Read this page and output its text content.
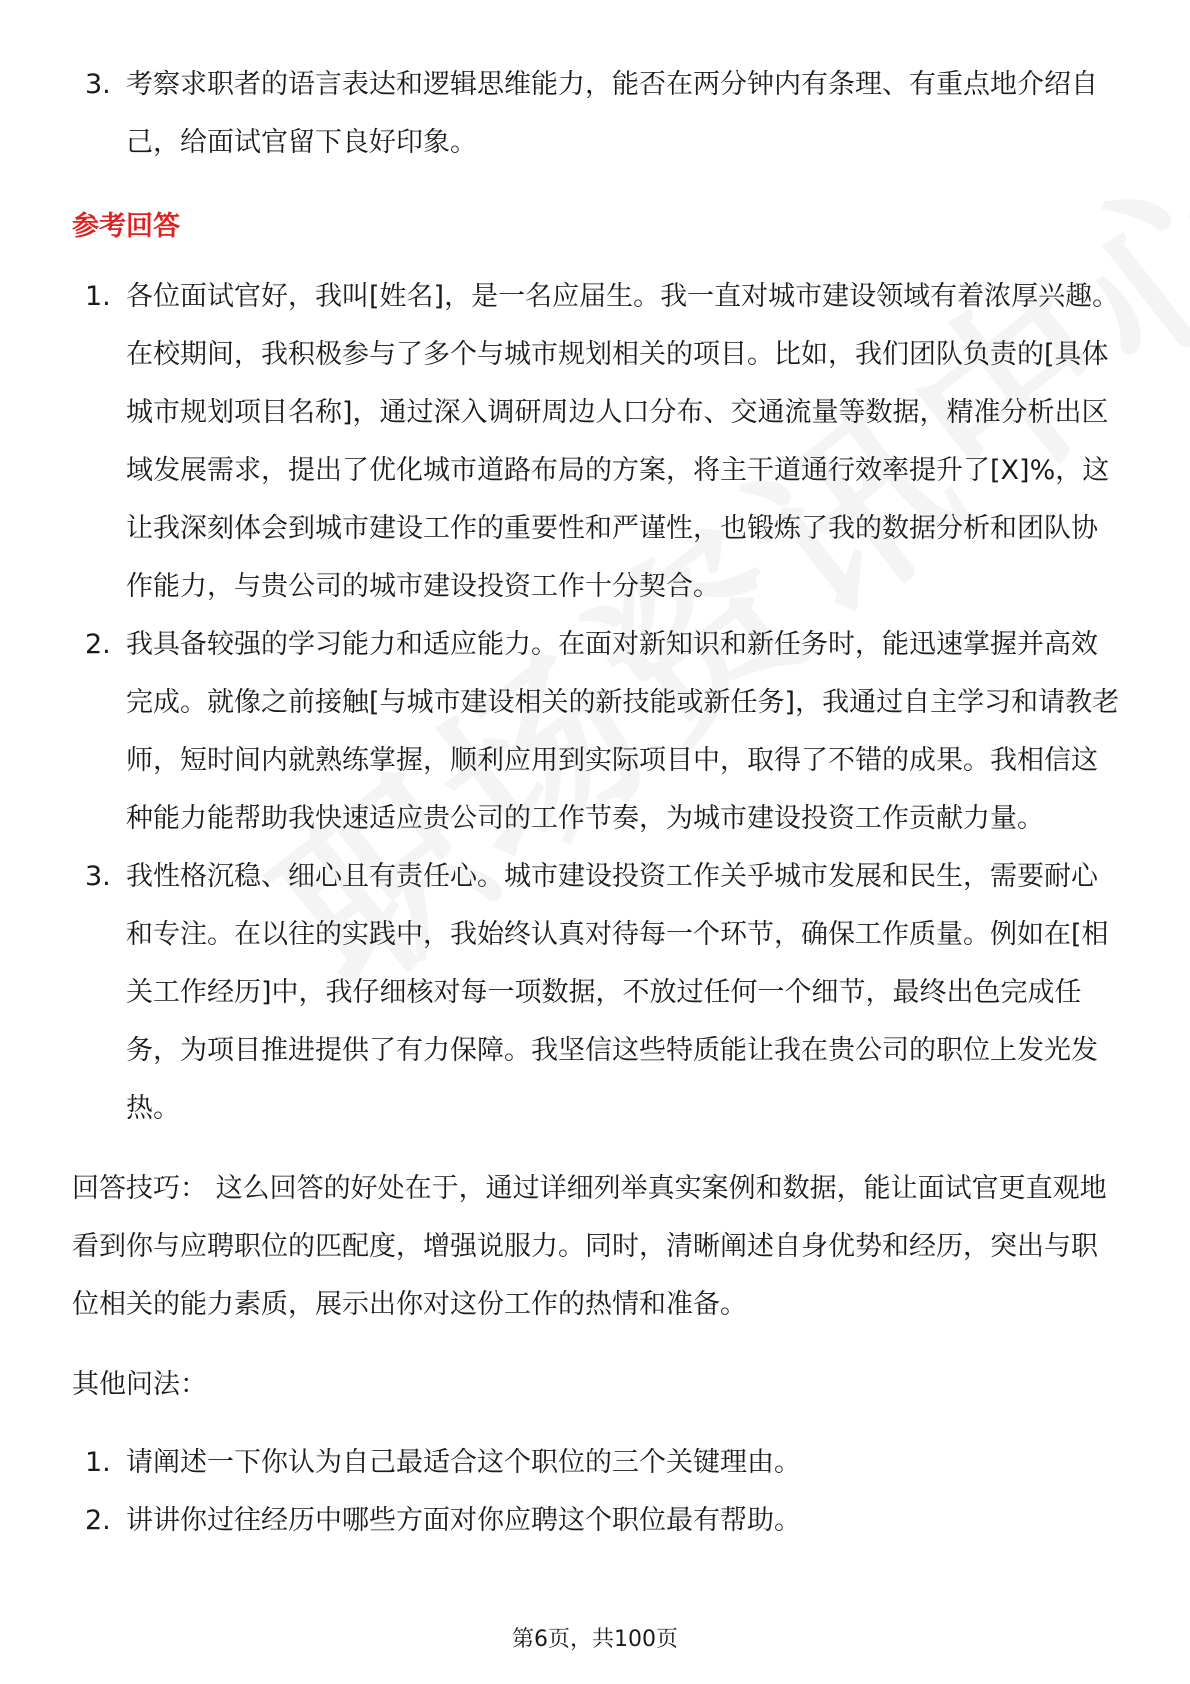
3. 考察求职者的语言表达和逻辑思维能力，能否在两分钟内有条理、有重点地介绍自己，给面试官留下良好印象。
参考回答
1. 各位面试官好，我叫[姓名]，是一名应届生。我一直对城市建设领域有着浓厚兴趣。在校期间，我积极参与了多个与城市规划相关的项目。比如，我们团队负责的[具体城市规划项目名称]，通过深入调研周边人口分布、交通流量等数据，精准分析出区域发展需求，提出了优化城市道路布局的方案，将主干道通行效率提升了[X]%，这让我深刻体会到城市建设工作的重要性和严谨性，也锻炼了我的数据分析和团队协作能力，与贵公司的城市建设投资工作十分契合。
2. 我具备较强的学习能力和适应能力。在面对新知识和新任务时，能迅速掌握并高效完成。就像之前接触[与城市建设相关的新技能或新任务]，我通过自主学习和请教老师，短时间内就熟练掌握，顺利应用到实际项目中，取得了不错的成果。我相信这种能力能帮助我快速适应贵公司的工作节奏，为城市建设投资工作贡献力量。
3. 我性格沉稳、细心且有责任心。城市建设投资工作关乎城市发展和民生，需要耐心和专注。在以往的实践中，我始终认真对待每一个环节，确保工作质量。例如在[相关工作经历]中，我仔细核对每一项数据，不放过任何一个细节，最终出色完成任务，为项目推进提供了有力保障。我坚信这些特质能让我在贵公司的职位上发光发热。
回答技巧： 这么回答的好处在于，通过详细列举真实案例和数据，能让面试官更直观地看到你与应聘职位的匹配度，增强说服力。同时，清晰阐述自身优势和经历，突出与职位相关的能力素质，展示出你对这份工作的热情和准备。
其他问法：
1. 请阐述一下你认为自己最适合这个职位的三个关键理由。
2. 讲讲你过往经历中哪些方面对你应聘这个职位最有帮助。
第6页，共100页
